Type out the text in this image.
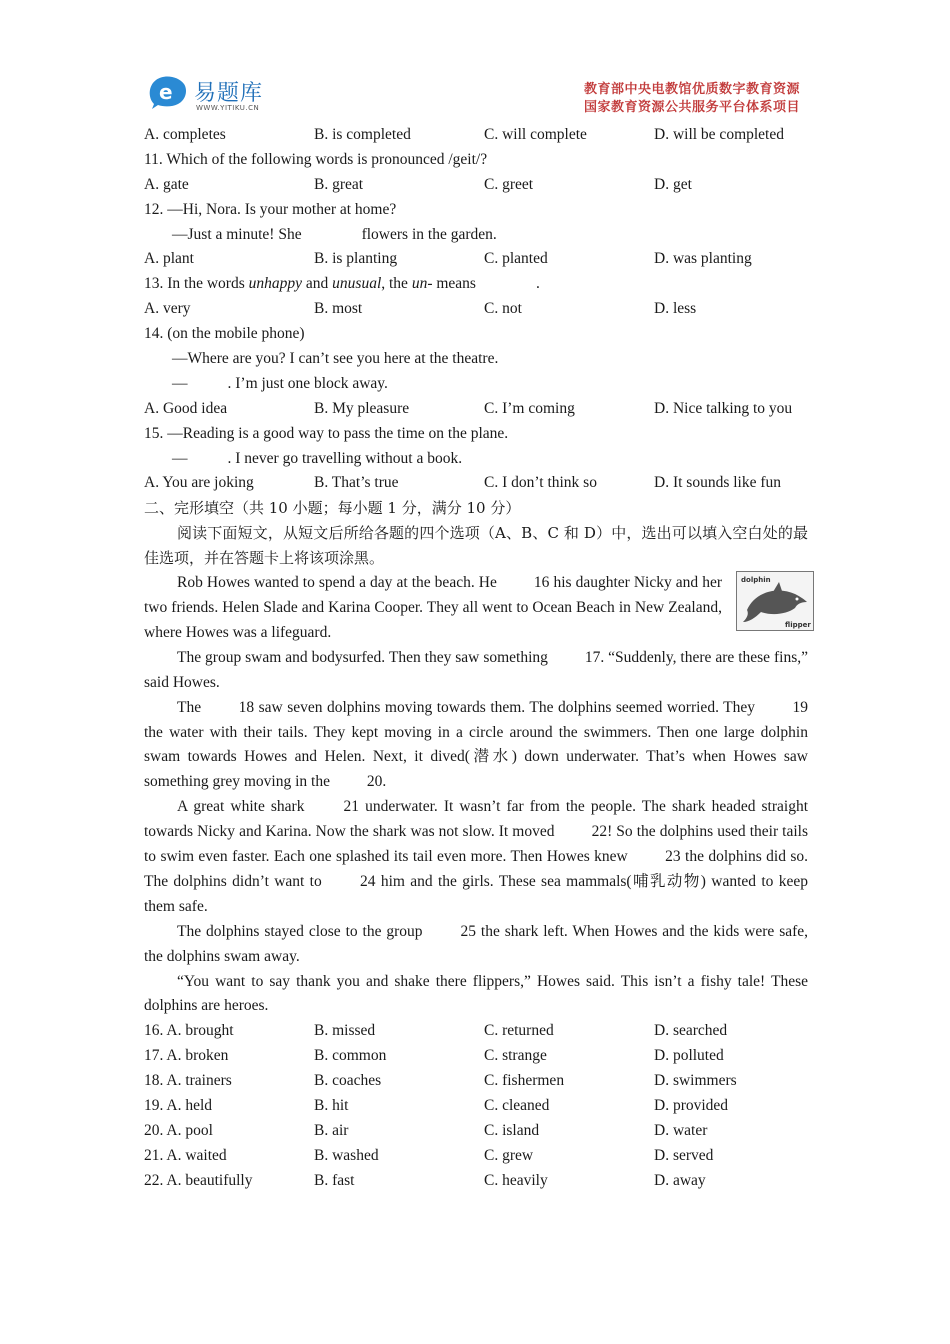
e 易题库
WWW.YITIKU.CN
教育部中央电教馆优质数字教育资源
国家教育资源公共服务平台体系项目
A. completes	B. is completed	C. will complete	D. will be completed
11. Which of the following words is pronounced /geit/?
A. gate	B. great	C. greet	D. get
12. —Hi, Nora. Is your mother at home?
—Just a minute! She	flowers in the garden.
A. plant	B. is planting	C. planted	D. was planting
13. In the words unhappy and unusual, the un- means	.
A. very	B. most	C. not	D. less
14. (on the mobile phone)
—Where are you? I can’t see you here at the theatre.
—	. I’m just one block away.
A. Good idea	B. My pleasure	C. I’m coming	D. Nice talking to you
15. —Reading is a good way to pass the time on the plane.
—	. I never go travelling without a book.
A. You are joking	B. That’s true	C. I don’t think so	D. It sounds like fun
二、完形填空（共 10 小题；每小题 1 分，满分 10 分）

阅读下面短文，从短文后所给各题的四个选项（A、B、C 和 D）中，选出可以填入空白处的最佳选项，并在答题卡上将该项涂黑。

dolphin
flipper

Rob Howes wanted to spend a day at the beach. He 16 his daughter Nicky and her two friends. Helen Slade and Karina Cooper. They all went to Ocean Beach in New Zealand, where Howes was a lifeguard.

The group swam and bodysurfed. Then they saw something 17. “Suddenly, there are these fins,” said Howes.

The 18 saw seven dolphins moving towards them. The dolphins seemed worried. They 19 the water with their tails. They kept moving in a circle around the swimmers. Then one large dolphin swam towards Howes and Helen. Next, it dived(潜水) down underwater. That’s when Howes saw something grey moving in the 20.

A great white shark	21 underwater. It wasn’t far from the people. The shark headed straight towards Nicky and Karina. Now the shark was not slow. It moved 22! So the dolphins used their tails to swim even faster. Each one splashed its tail even more. Then Howes knew 23 the dolphins did so. The dolphins didn’t want to 24 him and the girls. These sea mammals(哺乳动物) wanted to keep them safe.

The dolphins stayed close to the group 25 the shark left. When Howes and the kids were safe, the dolphins swam away.

“You want to say thank you and shake there flippers,” Howes said. This isn’t a fishy tale! These dolphins are heroes.

16. A. brought	B. missed	C. returned	D. searched
17. A. broken	B. common	C. strange	D. polluted
18. A. trainers	B. coaches	C. fishermen	D. swimmers
19. A. held	B. hit	C. cleaned	D. provided
20. A. pool	B. air	C. island	D. water
21. A. waited	B. washed	C. grew	D. served
22. A. beautifully	B. fast	C. heavily	D. away
